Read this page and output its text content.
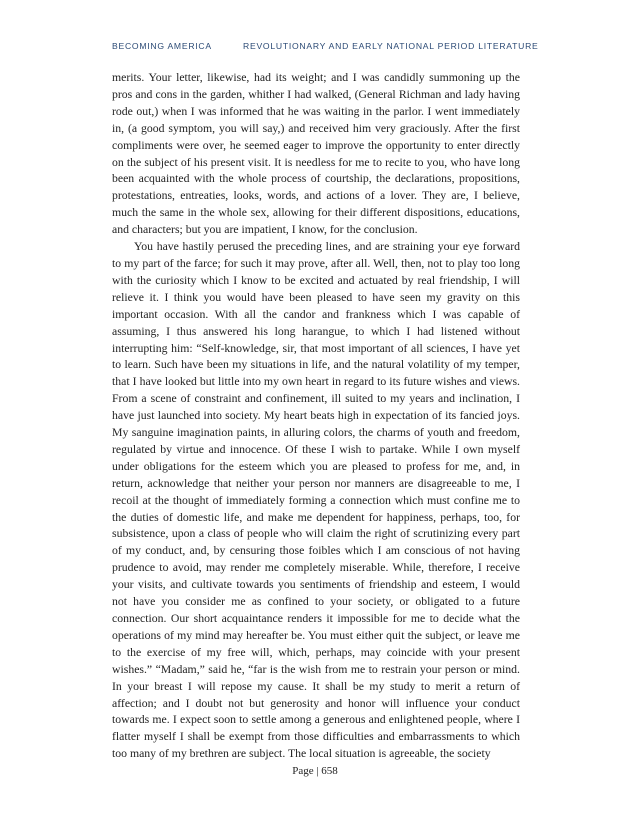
BECOMING AMERICA	REVOLUTIONARY AND EARLY NATIONAL PERIOD LITERATURE

merits. Your letter, likewise, had its weight; and I was candidly summoning up the pros and cons in the garden, whither I had walked, (General Richman and lady having rode out,) when I was informed that he was waiting in the parlor. I went immediately in, (a good symptom, you will say,) and received him very graciously. After the first compliments were over, he seemed eager to improve the opportunity to enter directly on the subject of his present visit. It is needless for me to recite to you, who have long been acquainted with the whole process of courtship, the declarations, propositions, protestations, entreaties, looks, words, and actions of a lover. They are, I believe, much the same in the whole sex, allowing for their different dispositions, educations, and characters; but you are impatient, I know, for the conclusion.

You have hastily perused the preceding lines, and are straining your eye forward to my part of the farce; for such it may prove, after all. Well, then, not to play too long with the curiosity which I know to be excited and actuated by real friendship, I will relieve it. I think you would have been pleased to have seen my gravity on this important occasion. With all the candor and frankness which I was capable of assuming, I thus answered his long harangue, to which I had listened without interrupting him: “Self-knowledge, sir, that most important of all sciences, I have yet to learn. Such have been my situations in life, and the natural volatility of my temper, that I have looked but little into my own heart in regard to its future wishes and views. From a scene of constraint and confinement, ill suited to my years and inclination, I have just launched into society. My heart beats high in expectation of its fancied joys. My sanguine imagination paints, in alluring colors, the charms of youth and freedom, regulated by virtue and innocence. Of these I wish to partake. While I own myself under obligations for the esteem which you are pleased to profess for me, and, in return, acknowledge that neither your person nor manners are disagreeable to me, I recoil at the thought of immediately forming a connection which must confine me to the duties of domestic life, and make me dependent for happiness, perhaps, too, for subsistence, upon a class of people who will claim the right of scrutinizing every part of my conduct, and, by censuring those foibles which I am conscious of not having prudence to avoid, may render me completely miserable. While, therefore, I receive your visits, and cultivate towards you sentiments of friendship and esteem, I would not have you consider me as confined to your society, or obligated to a future connection. Our short acquaintance renders it impossible for me to decide what the operations of my mind may hereafter be. You must either quit the subject, or leave me to the exercise of my free will, which, perhaps, may coincide with your present wishes.” “Madam,” said he, “far is the wish from me to restrain your person or mind. In your breast I will repose my cause. It shall be my study to merit a return of affection; and I doubt not but generosity and honor will influence your conduct towards me. I expect soon to settle among a generous and enlightened people, where I flatter myself I shall be exempt from those difficulties and embarrassments to which too many of my brethren are subject. The local situation is agreeable, the society

Page | 658
